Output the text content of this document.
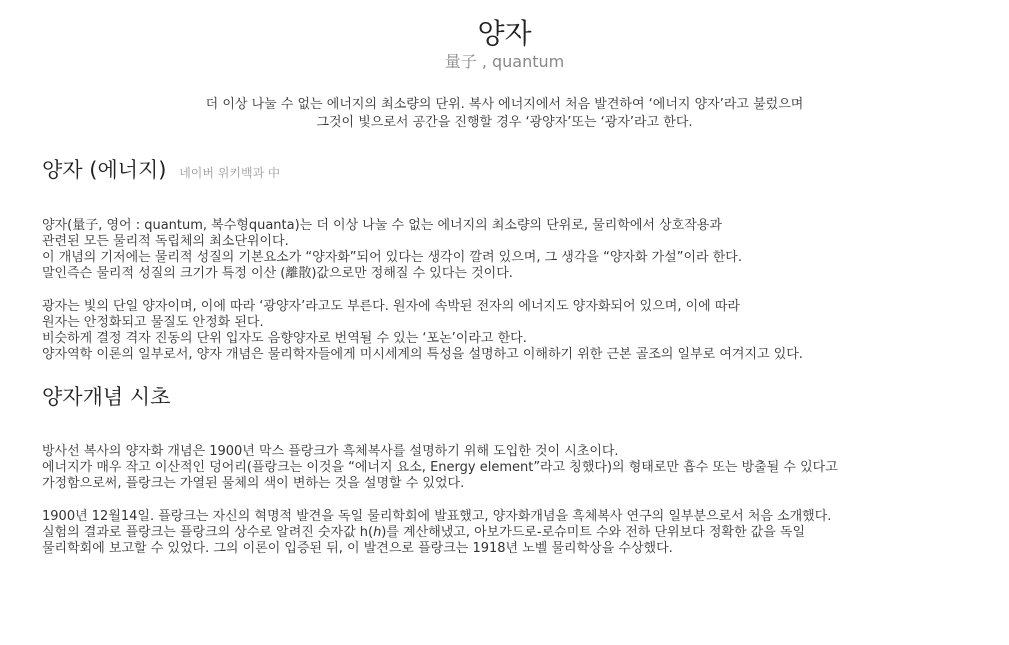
양자
量子 , quantum
더 이상 나눌 수 없는 에너지의 최소량의 단위. 복사 에너지에서 처음 발견하여 ‘에너지 양자’라고 불렀으며
그것이 빛으로서 공간을 진행할 경우 ‘광양자’또는 ‘광자’라고 한다.
양자 (에너지) 네이버 위키백과 中

양자(量子, 영어 : quantum, 복수형quanta)는 더 이상 나눌 수 없는 에너지의 최소량의 단위로, 물리학에서 상호작용과

관련된 모든 물리적 독립체의 최소단위이다.

이 개념의 기저에는 물리적 성질의 기본요소가 “양자화”되어 있다는 생각이 깔려 있으며, 그 생각을 “양자화 가설”이라 한다.

말인즉슨 물리적 성질의 크기가 특정 이산 (離散)값으로만 정해질 수 있다는 것이다.

광자는 빛의 단일 양자이며, 이에 따라 ‘광양자’라고도 부른다. 원자에 속박된 전자의 에너지도 양자화되어 있으며, 이에 따라

원자는 안정화되고 물질도 안정화 된다.

비슷하게 결정 격자 진동의 단위 입자도 음향양자로 번역될 수 있는 ‘포논’이라고 한다.

양자역학 이론의 일부로서, 양자 개념은 물리학자들에게 미시세계의 특성을 설명하고 이해하기 위한 근본 골조의 일부로 여겨지고 있다.

양자개념 시초

방사선 복사의 양자화 개념은 1900년 막스 플랑크가 흑체복사를 설명하기 위해 도입한 것이 시초이다.

에너지가 매우 작고 이산적인 덩어리(플랑크는 이것을 “에너지 요소, Energy element”라고 칭했다)의 형태로만 흡수 또는 방출될 수 있다고

가정함으로써, 플랑크는 가열된 물체의 색이 변하는 것을 설명할 수 있었다.

1900년 12월14일. 플랑크는 자신의 혁명적 발견을 독일 물리학회에 발표했고, 양자화개념을 흑체복사 연구의 일부분으로서 처음 소개했다.

실험의 결과로 플랑크는 플랑크의 상수로 알려진 숫자값 h(ℎ)를 계산해냈고, 아보가드로-로슈미트 수와 전하 단위보다 정확한 값을 독일

물리학회에 보고할 수 있었다. 그의 이론이 입증된 뒤, 이 발견으로 플랑크는 1918년 노벨 물리학상을 수상했다.
